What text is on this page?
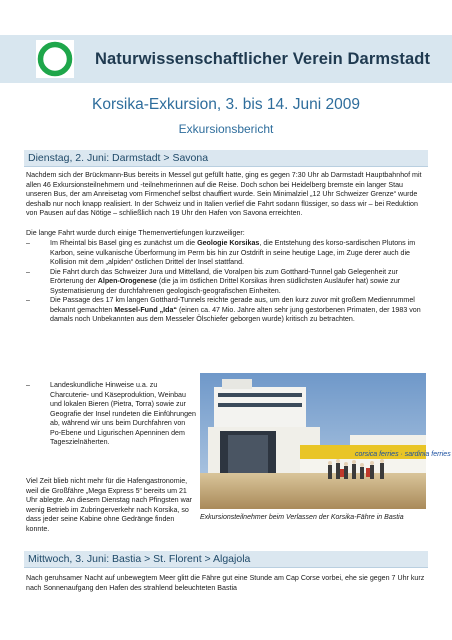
Naturwissenschaftlicher Verein Darmstadt
Korsika-Exkursion, 3. bis 14. Juni 2009
Exkursionsbericht
Dienstag, 2. Juni: Darmstadt > Savona

Nachdem sich der Brückmann-Bus bereits in Messel gut gefüllt hatte, ging es gegen 7:30 Uhr ab Darmstadt Hauptbahnhof mit allen 46 Exkursionsteilnehmern und -teilnehmerinnen auf die Reise. Doch schon bei Heidelberg bremste ein langer Stau unseren Bus, der am Anreisetag vom Firmenchef selbst chauffiert wurde. Sein Minimalziel „12 Uhr Schweizer Grenze“ wurde deshalb nur noch knapp realisiert. In der Schweiz und in Italien verlief die Fahrt sodann flüssiger, so dass wir – bei Reduktion von Pausen auf das Nötige – schließlich nach 19 Uhr den Hafen von Savona erreichten.

Die lange Fahrt wurde durch einige Themenvertiefungen kurzweiliger:

–	Im Rheintal bis Basel ging es zunächst um die Geologie Korsikas, die Entstehung des korso-sardischen Plutons im Karbon, seine vulkanische Überformung im Perm bis hin zur Ostdrift in seine heutige Lage, im Zuge derer auch die Kollision mit dem „alpiden“ östlichen Drittel der Insel stattfand.
–	Die Fahrt durch das Schweizer Jura und Mittelland, die Voralpen bis zum Gotthard-Tunnel gab Gelegenheit zur Erörterung der Alpen-Orogenese (die ja im östlichen Drittel Korsikas ihren südlichsten Ausläufer hat) sowie zur Systematisierung der durchfahrenen geologisch-geografischen Einheiten.
–	Die Passage des 17 km langen Gotthard-Tunnels reichte gerade aus, um den kurz zuvor mit großem Medienrummel bekannt gemachten Messel-Fund „Ida“ (einen ca. 47 Mio. Jahre alten sehr jung gestorbenen Primaten, der 1983 von damals noch Unbekannten aus dem Messeler Ölschiefer geborgen wurde) kritisch zu betrachten.
–	Landeskundliche Hinweise u.a. zu Charcuterie- und Käseproduktion, Weinbau und lokalen Bieren (Pietra, Torra) sowie zur Geografie der Insel rundeten die Einführungen ab, während wir uns beim Durchfahren von Po-Ebene und Ligurischen Apenninen dem Tageszielnäherten.

Viel Zeit blieb nicht mehr für die Hafengastronomie, weil die Großfähre „Mega Express 5“ bereits um 21 Uhr ablegte. An diesem Dienstag nach Pfingsten war wenig Betrieb im Zubringerverkehr nach Korsika, so dass jeder seine Kabine ohne Gedränge finden konnte.

corsica ferries · sardinia ferries
Exkursionsteilnehmer beim Verlassen der Korsika-Fähre in Bastia
Mittwoch, 3. Juni: Bastia > St. Florent > Algajola

Nach geruhsamer Nacht auf unbewegtem Meer glitt die Fähre gut eine Stunde am Cap Corse vorbei, ehe sie gegen 7 Uhr kurz nach Sonnenaufgang den Hafen des strahlend beleuchteten Bastia
